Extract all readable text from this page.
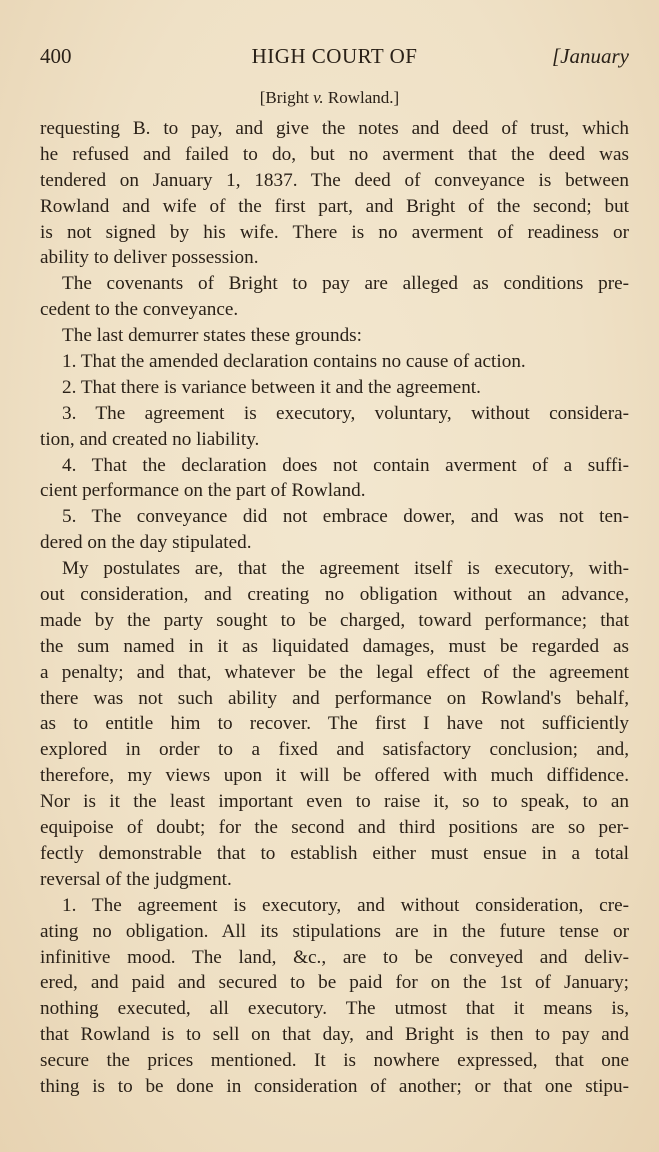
400	HIGH COURT OF	[January
[Bright v. Rowland.]
requesting B. to pay, and give the notes and deed of trust, which
he refused and failed to do, but no averment that the deed was
tendered on January 1, 1837. The deed of conveyance is between
Rowland and wife of the first part, and Bright of the second; but
is not signed by his wife. There is no averment of readiness or
ability to deliver possession.
The covenants of Bright to pay are alleged as conditions pre-
cedent to the conveyance.
The last demurrer states these grounds:
1. That the amended declaration contains no cause of action.
2. That there is variance between it and the agreement.
3. The agreement is executory, voluntary, without considera-
tion, and created no liability.
4. That the declaration does not contain averment of a suffi-
cient performance on the part of Rowland.
5. The conveyance did not embrace dower, and was not ten-
dered on the day stipulated.
My postulates are, that the agreement itself is executory, with-
out consideration, and creating no obligation without an advance,
made by the party sought to be charged, toward performance; that
the sum named in it as liquidated damages, must be regarded as
a penalty; and that, whatever be the legal effect of the agreement
there was not such ability and performance on Rowland's behalf,
as to entitle him to recover. The first I have not sufficiently
explored in order to a fixed and satisfactory conclusion; and,
therefore, my views upon it will be offered with much diffidence.
Nor is it the least important even to raise it, so to speak, to an
equipoise of doubt; for the second and third positions are so per-
fectly demonstrable that to establish either must ensue in a total
reversal of the judgment.
1. The agreement is executory, and without consideration, cre-
ating no obligation. All its stipulations are in the future tense or
infinitive mood. The land, &c., are to be conveyed and deliv-
ered, and paid and secured to be paid for on the 1st of January;
nothing executed, all executory. The utmost that it means is,
that Rowland is to sell on that day, and Bright is then to pay and
secure the prices mentioned. It is nowhere expressed, that one
thing is to be done in consideration of another; or that one stipu-
